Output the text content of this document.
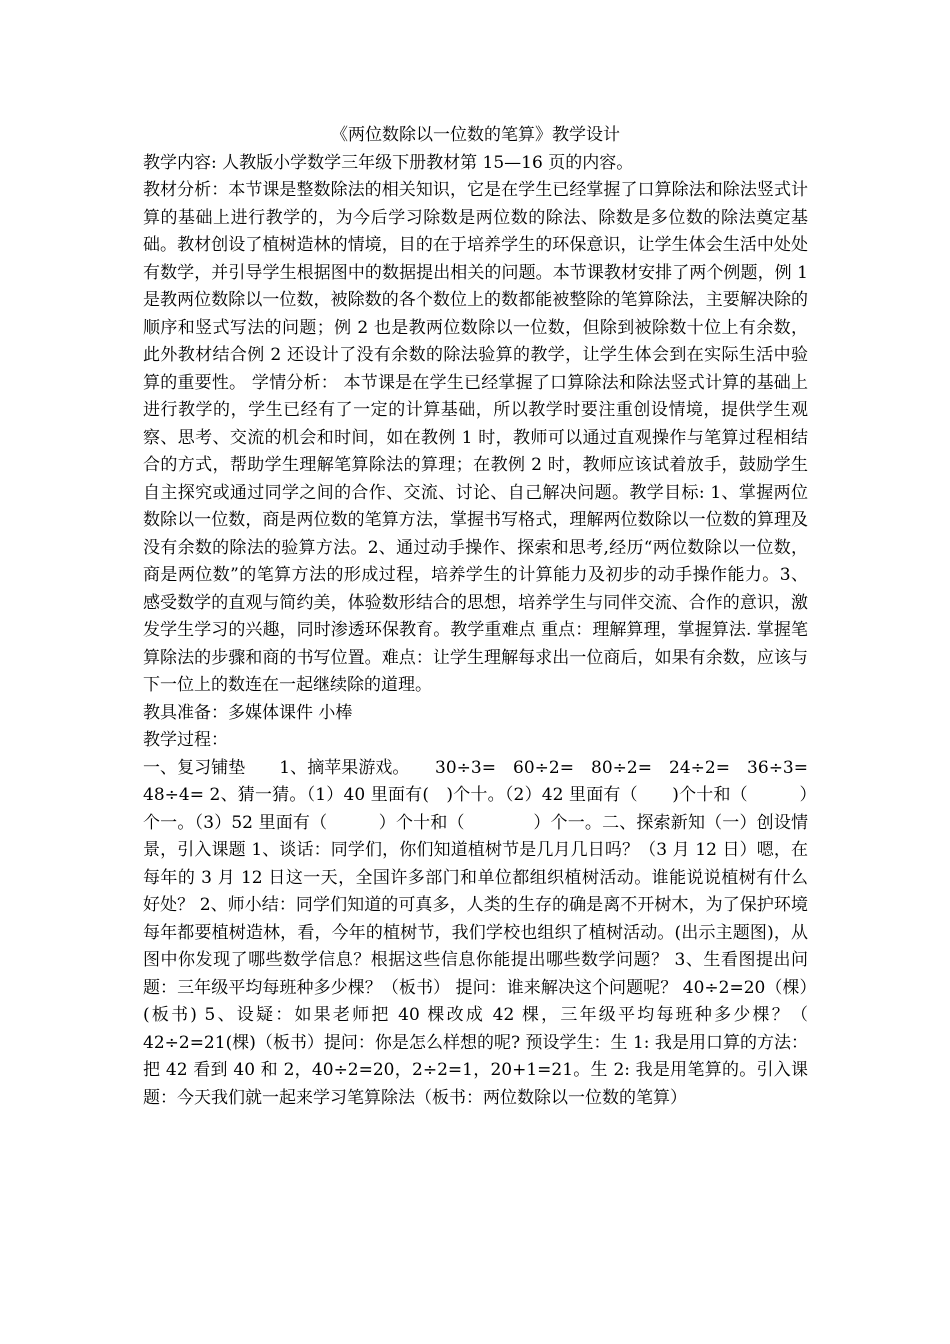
《两位数除以一位数的笔算》教学设计

教学内容: 人教版小学数学三年级下册教材第 15—16 页的内容。

教材分析：本节课是整数除法的相关知识，它是在学生已经掌握了口算除法和除法竖式计算的基础上进行教学的，为今后学习除数是两位数的除法、除数是多位数的除法奠定基础。教材创设了植树造林的情境，目的在于培养学生的环保意识，让学生体会生活中处处有数学，并引导学生根据图中的数据提出相关的问题。本节课教材安排了两个例题，例 1 是教两位数除以一位数，被除数的各个数位上的数都能被整除的笔算除法，主要解决除的顺序和竖式写法的问题；例 2 也是教两位数除以一位数，但除到被除数十位上有余数，此外教材结合例 2 还设计了没有余数的除法验算的教学，让学生体会到在实际生活中验算的重要性。 学情分析： 本节课是在学生已经掌握了口算除法和除法竖式计算的基础上进行教学的，学生已经有了一定的计算基础，所以教学时要注重创设情境，提供学生观察、思考、交流的机会和时间，如在教例 1 时，教师可以通过直观操作与笔算过程相结合的方式，帮助学生理解笔算除法的算理；在教例 2 时，教师应该试着放手，鼓励学生自主探究或通过同学之间的合作、交流、讨论、自己解决问题。教学目标: 1、掌握两位数除以一位数，商是两位数的笔算方法，掌握书写格式，理解两位数除以一位数的算理及没有余数的除法的验算方法。2、通过动手操作、探索和思考,经历“两位数除以一位数，商是两位数”的笔算方法的形成过程，培养学生的计算能力及初步的动手操作能力。3、感受数学的直观与简约美，体验数形结合的思想，培养学生与同伴交流、合作的意识，激发学生学习的兴趣，同时渗透环保教育。教学重难点 重点：理解算理，掌握算法. 掌握笔算除法的步骤和商的书写位置。难点：让学生理解每求出一位商后，如果有余数，应该与下一位上的数连在一起继续除的道理。

教具准备：多媒体课件 小棒

教学过程：

一、复习铺垫　　1、摘苹果游戏。　　30÷3=　60÷2=　80÷2=　24÷2=　36÷3=　48÷4= 2、猜一猜。（1）40 里面有(　)个十。（2）42 里面有（　　)个十和（　　　）个一。（3）52 里面有（　　　）个十和（　　　　）个一。二、探索新知（一）创设情景，引入课题 1、谈话：同学们，你们知道植树节是几月几日吗？（3 月 12 日）嗯，在每年的 3 月 12 日这一天，全国许多部门和单位都组织植树活动。谁能说说植树有什么好处？ 2、师小结：同学们知道的可真多，人类的生存的确是离不开树木，为了保护环境每年都要植树造林，看，今年的植树节，我们学校也组织了植树活动。(出示主题图)，从图中你发现了哪些数学信息？根据这些信息你能提出哪些数学问题？ 3、生看图提出问题：三年级平均每班种多少棵？（板书） 提问：谁来解决这个问题呢？ 40÷2=20（棵）(板书) 5、设疑：如果老师把 40 棵改成 42 棵，三年级平均每班种多少棵？（ 42÷2=21(棵)（板书）提问：你是怎么样想的呢? 预设学生：生 1: 我是用口算的方法：把 42 看到 40 和 2，40÷2=20，2÷2=1，20+1=21。生 2: 我是用笔算的。引入课题：今天我们就一起来学习笔算除法（板书：两位数除以一位数的笔算）
